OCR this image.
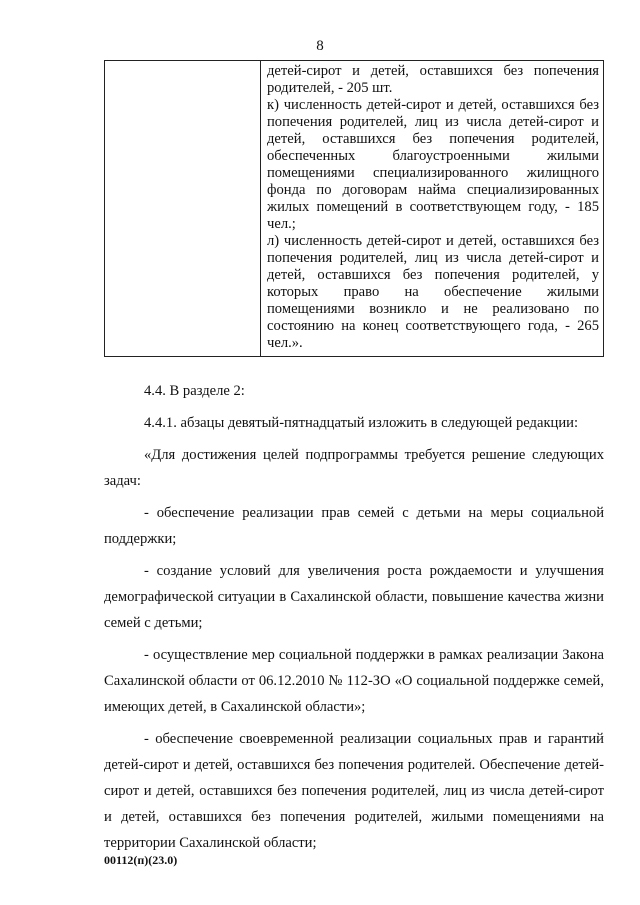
8

детей-сирот и детей, оставшихся без попечения родителей, - 205 шт.

к) численность детей-сирот и детей, оставшихся без попечения родителей, лиц из числа детей-сирот и детей, оставшихся без попечения родителей, обеспеченных благоустроенными жилыми помещениями специализированного жилищного фонда по договорам найма специализированных жилых помещений в соответствующем году, - 185 чел.;

л) численность детей-сирот и детей, оставшихся без попечения родителей, лиц из числа детей-сирот и детей, оставшихся без попечения родителей, у которых право на обеспечение жилыми помещениями возникло и не реализовано по состоянию на конец соответствующего года, - 265 чел.».

4.4. В разделе 2:

4.4.1. абзацы девятый-пятнадцатый изложить в следующей редакции:

«Для достижения целей подпрограммы требуется решение следующих задач:

- обеспечение реализации прав семей с детьми на меры социальной поддержки;

- создание условий для увеличения роста рождаемости и улучшения демографической ситуации в Сахалинской области, повышение качества жизни семей с детьми;

- осуществление мер социальной поддержки в рамках реализации Закона Сахалинской области от 06.12.2010 № 112-ЗО «О социальной поддержке семей, имеющих детей, в Сахалинской области»;

- обеспечение своевременной реализации социальных прав и гарантий детей-сирот и детей, оставшихся без попечения родителей. Обеспечение детей-сирот и детей, оставшихся без попечения родителей, лиц из числа детей-сирот и детей, оставшихся без попечения родителей, жилыми помещениями на территории Сахалинской области;

00112(п)(23.0)
